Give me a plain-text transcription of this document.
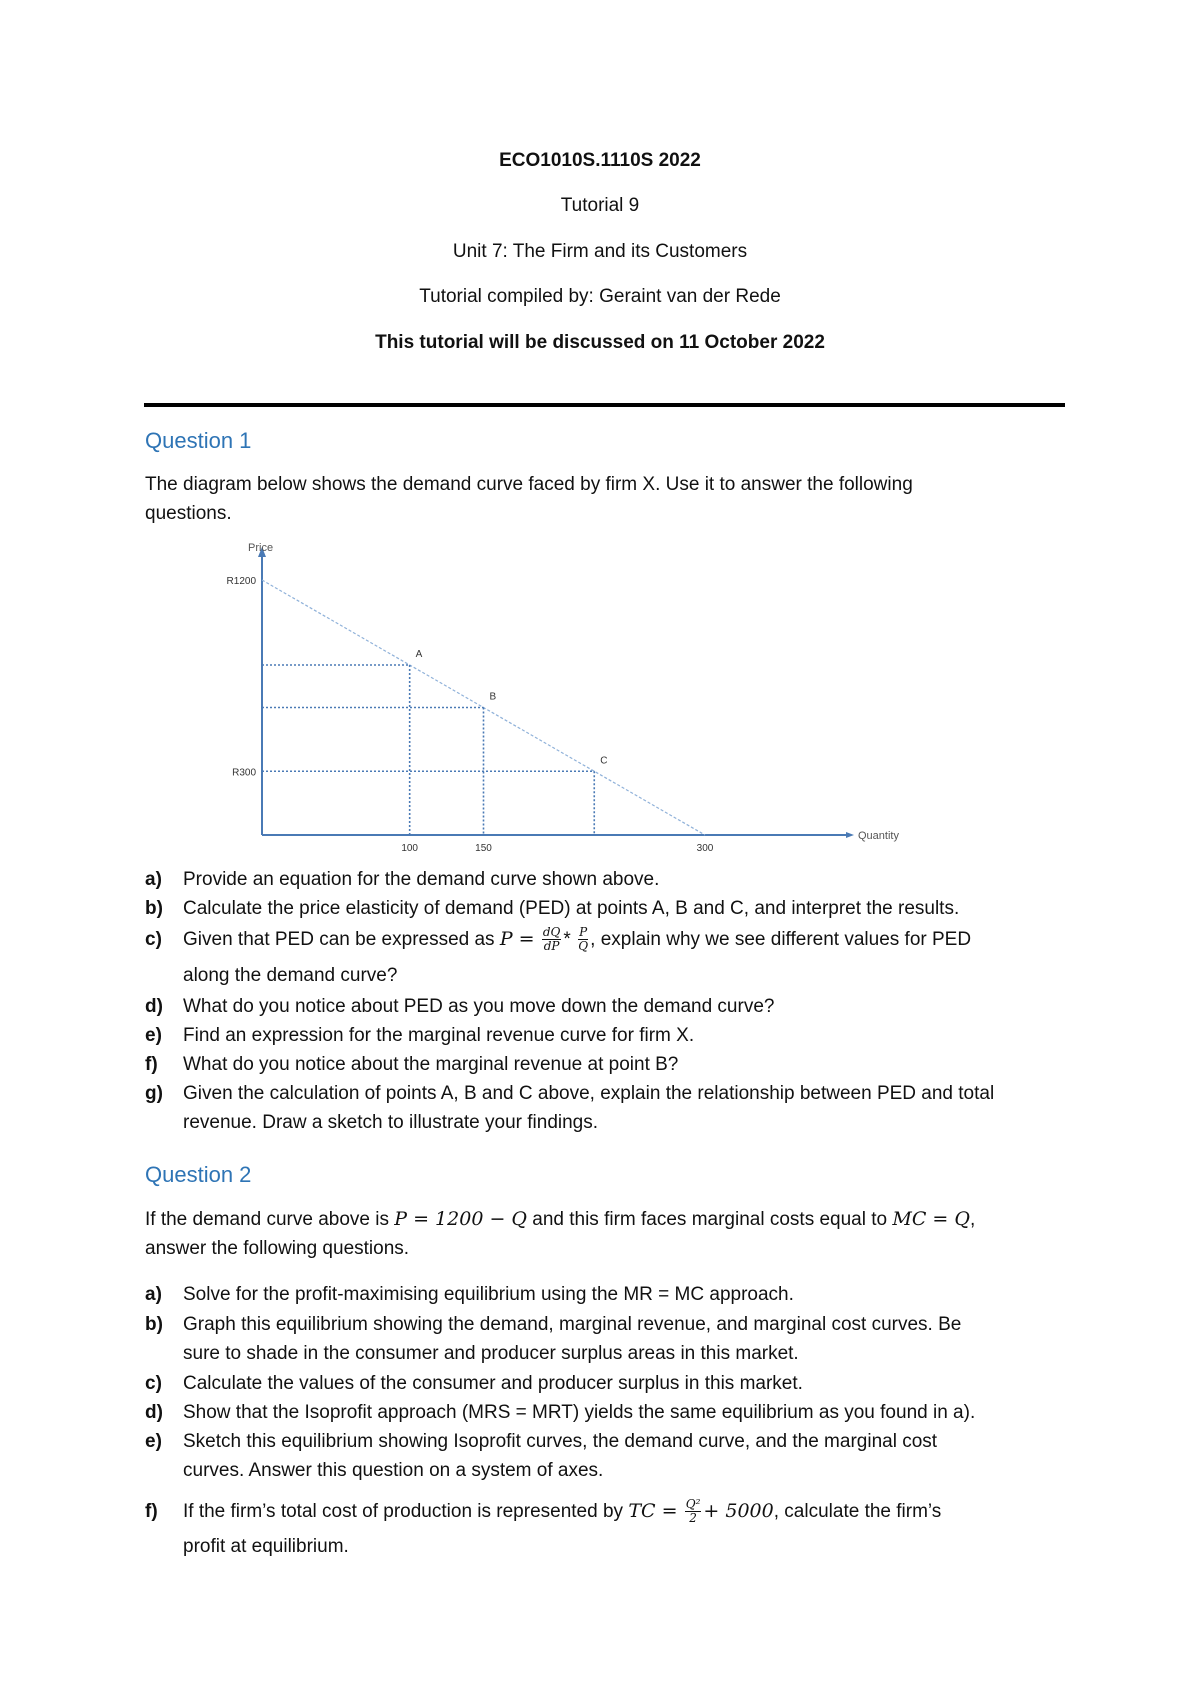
ECO1010S.1110S 2022
Tutorial 9
Unit 7: The Firm and its Customers
Tutorial compiled by: Geraint van der Rede
This tutorial will be discussed on 11 October 2022
Question 1
The diagram below shows the demand curve faced by firm X. Use it to answer the following
questions.
Price
Quantity
A
B
C
100	150	300
R1200
R300
a)	Provide an equation for the demand curve shown above.
b)	Calculate the price elasticity of demand (PED) at points A, B and C, and interpret the results.
c)	Given that PED can be expressed as $P = \frac{dQ}{dP} * \frac{P}{Q}$ , explain why we see different values for PED
along the demand curve?
d)	What do you notice about PED as you move down the demand curve?
e)	Find an expression for the marginal revenue curve for firm X.
f)	What do you notice about the marginal revenue at point B?
g)	Given the calculation of points A, B and C above, explain the relationship between PED and total
revenue. Draw a sketch to illustrate your findings.
Question 2
If the demand curve above is P = 1200 − Q and this firm faces marginal costs equal to MC = Q,
answer the following questions.
a)	Solve for the profit-maximising equilibrium using the MR = MC approach.
b)	Graph this equilibrium showing the demand, marginal revenue, and marginal cost curves. Be
sure to shade in the consumer and producer surplus areas in this market.
c)	Calculate the values of the consumer and producer surplus in this market.
d)	Show that the Isoprofit approach (MRS = MRT) yields the same equilibrium as you found in a).
e)	Sketch this equilibrium showing Isoprofit curves, the demand curve, and the marginal cost
curves. Answer this question on a system of axes.
f)	If the firm’s total cost of production is represented by TC = $\frac{\text{Q²}}{2} + 5000$, calculate the firm’s
profit at equilibrium.
